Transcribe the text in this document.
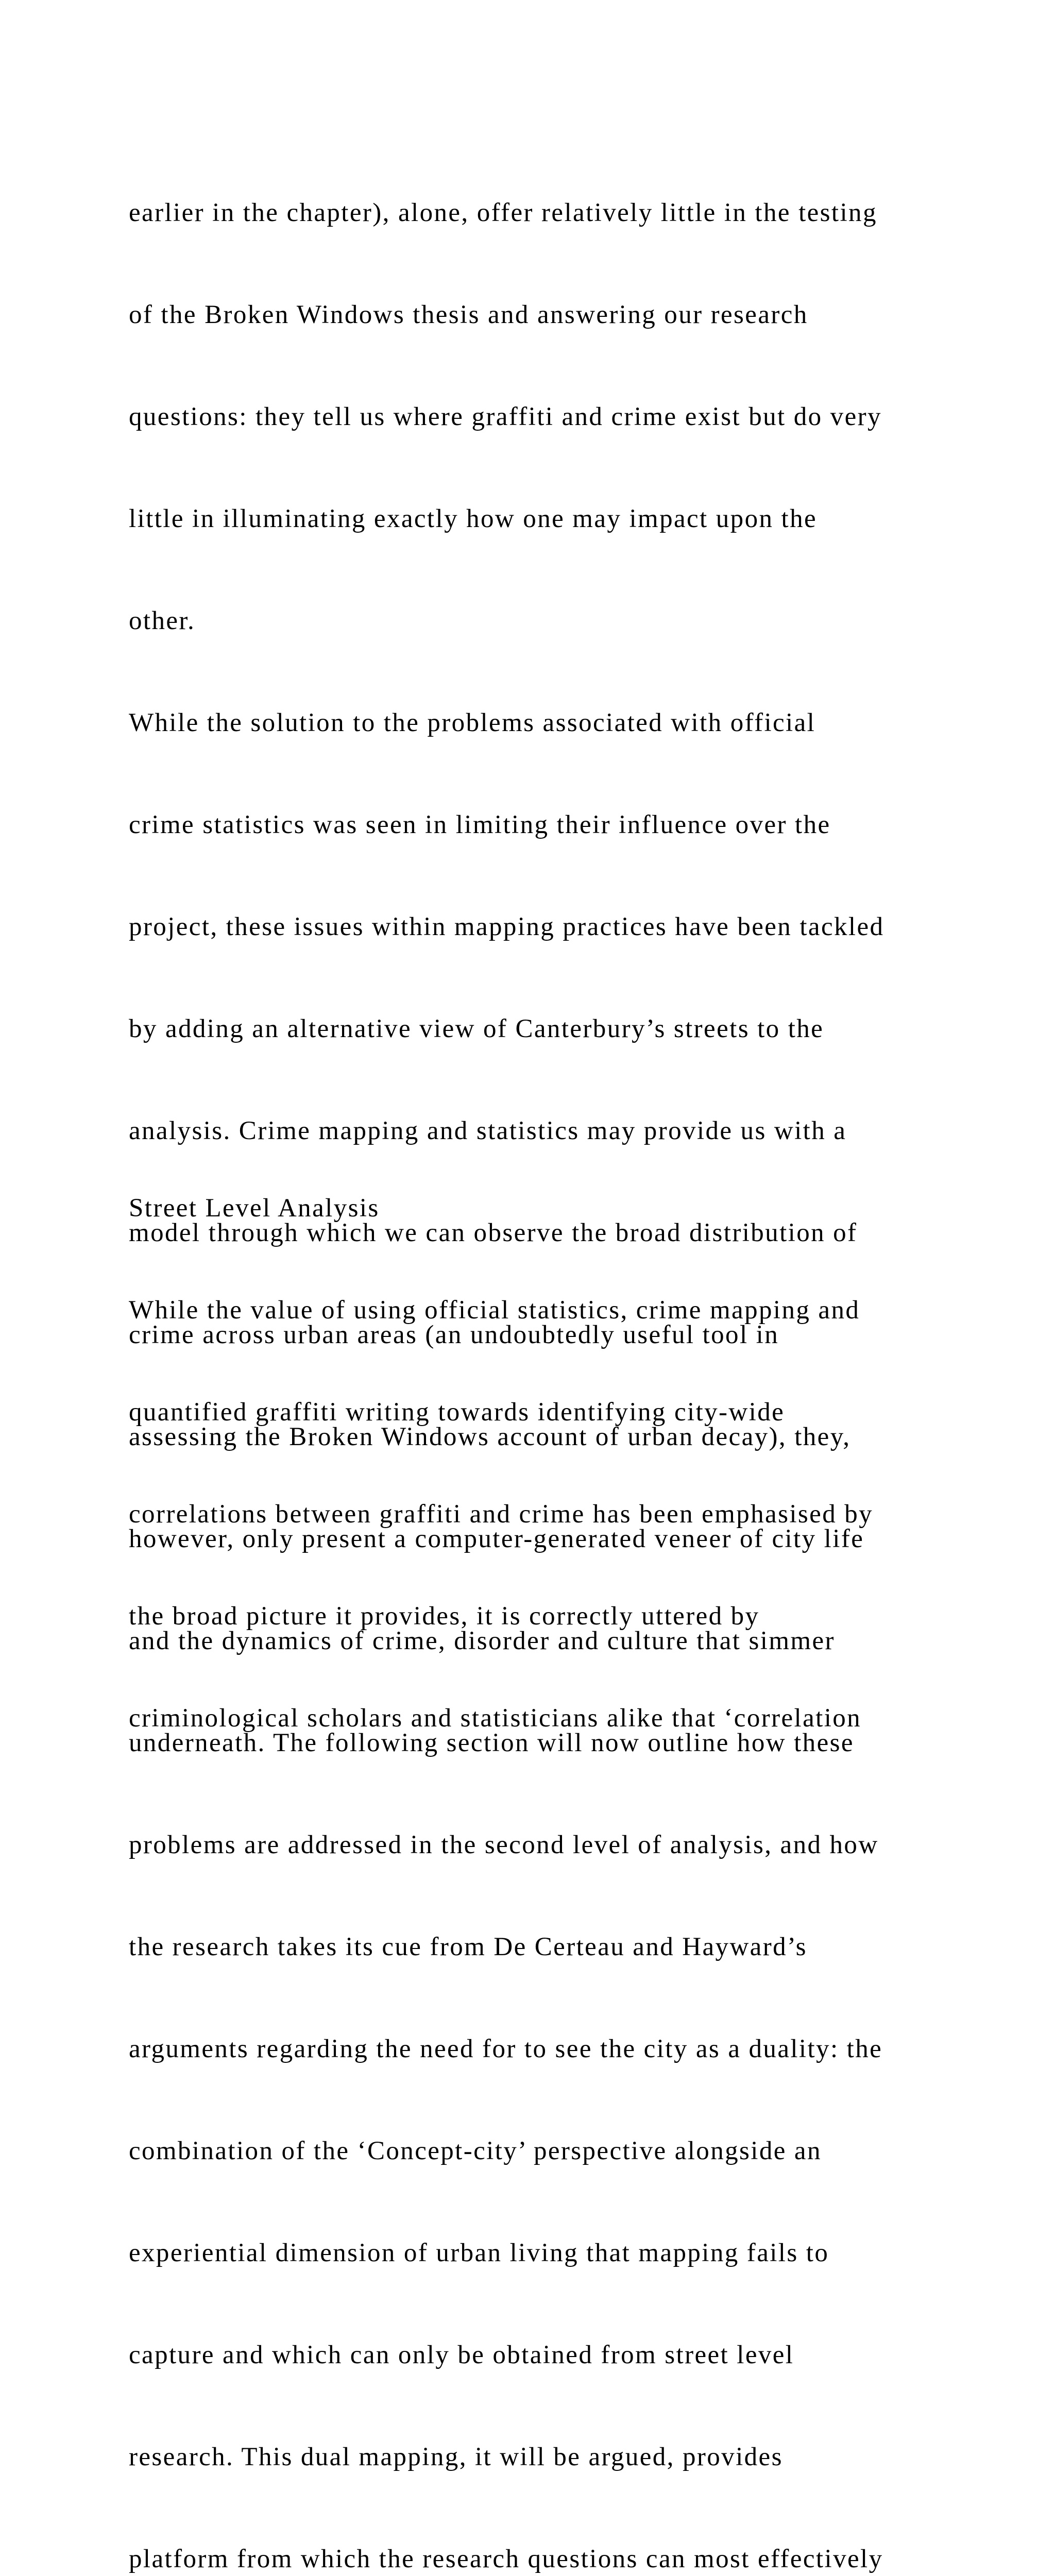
earlier in the chapter), alone, offer relatively little in the testing

of the Broken Windows thesis and answering our research

questions: they tell us where graffiti and crime exist but do very

little in illuminating exactly how one may impact upon the

other.

While the solution to the problems associated with official

crime statistics was seen in limiting their influence over the

project, these issues within mapping practices have been tackled

by adding an alternative view of Canterbury’s streets to the

analysis. Crime mapping and statistics may provide us with a

model through which we can observe the broad distribution of

crime across urban areas (an undoubtedly useful tool in

assessing the Broken Windows account of urban decay), they,

however, only present a computer-generated veneer of city life

and the dynamics of crime, disorder and culture that simmer

underneath. The following section will now outline how these

problems are addressed in the second level of analysis, and how

the research takes its cue from De Certeau and Hayward’s

arguments regarding the need for to see the city as a duality: the

combination of the ‘Concept-city’ perspective alongside an

experiential dimension of urban living that mapping fails to

capture and which can only be obtained from street level

research. This dual mapping, it will be argued, provides

platform from which the research questions can most effectively

Street Level Analysis

While the value of using official statistics, crime mapping and

quantified graffiti writing towards identifying city-wide

correlations between graffiti and crime has been emphasised by

the broad picture it provides, it is correctly uttered by

criminological scholars and statisticians alike that ‘correlation
